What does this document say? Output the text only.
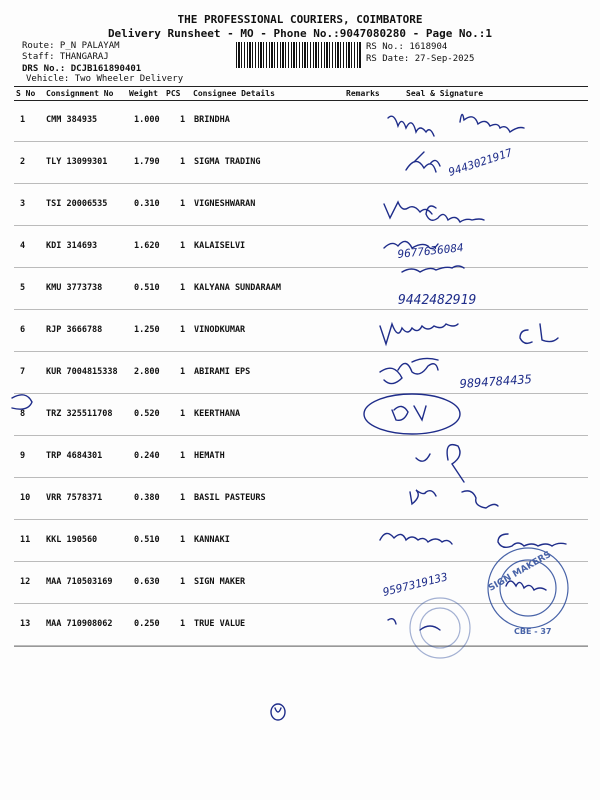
THE PROFESSIONAL COURIERS, COIMBATORE
Delivery Runsheet - MO - Phone No.:9047080280 - Page No.:1
Route: P_N PALAYAM
Staff: THANGARAJ
DRS No.: DCJB161890401
Vehicle: Two Wheeler Delivery
RS No.: 1618904
RS Date: 27-Sep-2025
S No Consignment No Weight PCS Consignee Details	Remarks	Seal & Signature
1 CMM 384935	1.000 1 BRINDHA
2 TLY 13099301	1.790 1 SIGMA TRADING
3 TSI 20006535	0.310 1 VIGNESHWARAN
4 KDI 314693	1.620 1 KALAISELVI
5 KMU 3773738	0.510 1 KALYANA SUNDARAAM
6 RJP 3666788	1.250 1 VINODKUMAR
7 KUR 7004815338 2.800 1 ABIRAMI EPS
8 TRZ 325511708	0.520 1 KEERTHANA
9 TRP 4684301	0.240 1 HEMATH
10 VRR 7578371	0.380 1 BASIL PASTEURS
11 KKL 190560	0.510 1 KANNAKI
12 MAA 710503169	0.630 1 SIGN MAKER
13 MAA 710908062	0.250 1 TRUE VALUE
9443021917
9677636084
9442482919
9894784435
9597319133	SIGN MAKERS
CBE - 37
